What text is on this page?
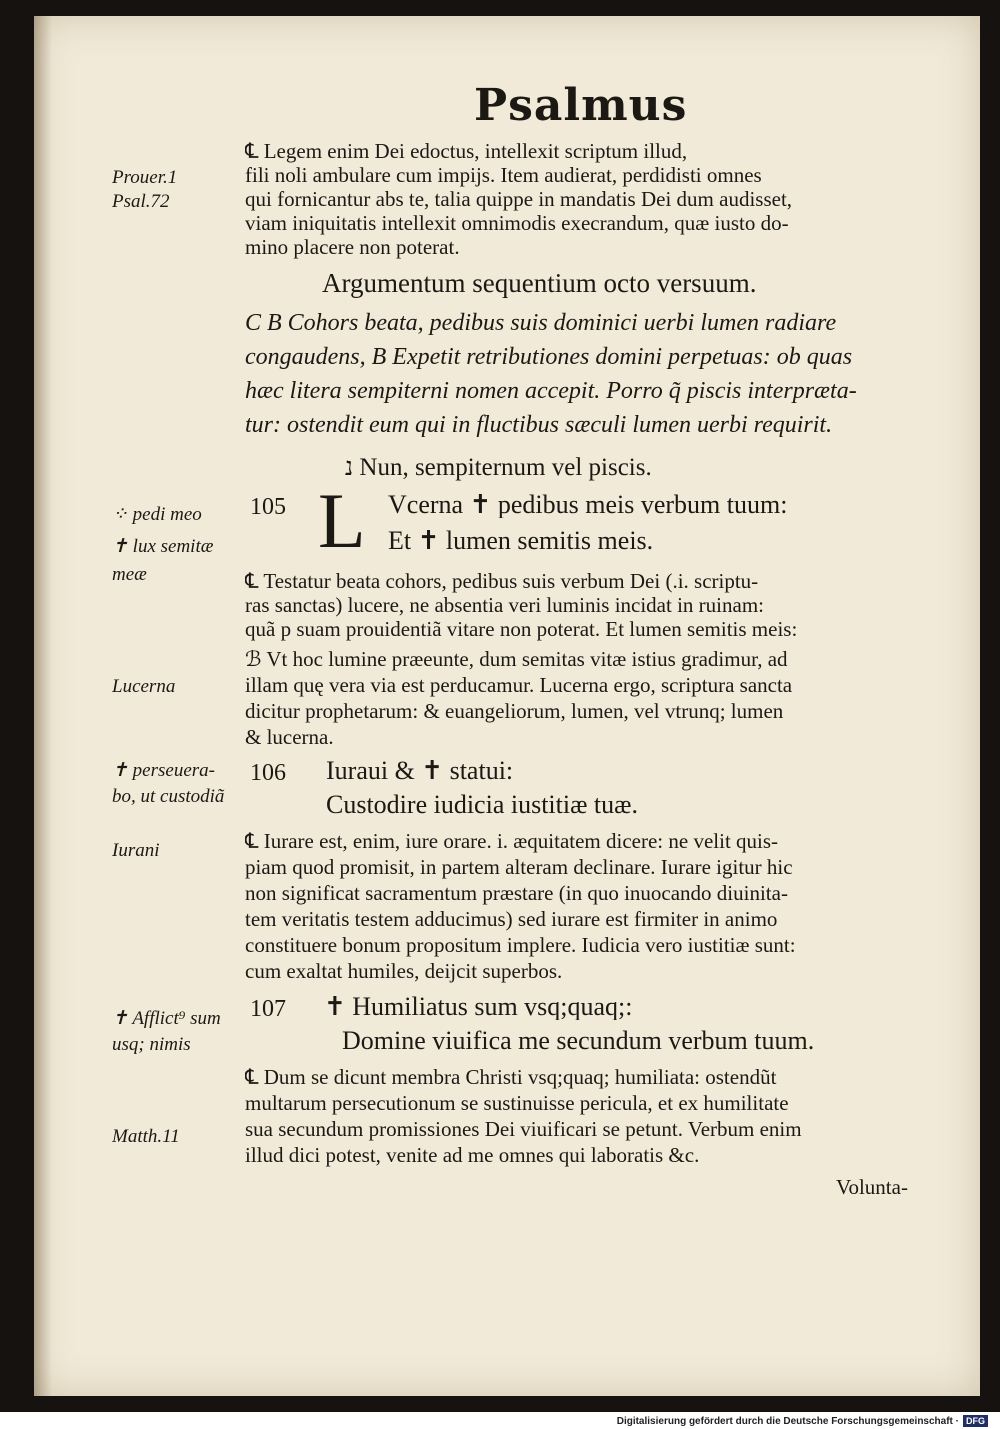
Psalmus
Prouer.1
Psal.72
⁘ pedi meo
✝ lux semitæ
meæ
Lucerna
✝ perseuera-
bo, ut custodiã
Iurani
✝ Afflict⁹ sum
usq; nimis
Matth.11
℄ Legem enim Dei edoctus, intellexit scriptum illud,
fili noli ambulare cum impijs. Item audierat, perdidisti omnes
qui fornicantur abs te, talia quippe in mandatis Dei dum audisset,
viam iniquitatis intellexit omnimodis execrandum, quæ iusto do-
mino placere non poterat.
Argumentum sequentium octo versuum.
C B Cohors beata, pedibus suis dominici uerbi lumen radiare
congaudens, B Expetit retributiones domini perpetuas: ob quas
hæc litera sempiterni nomen accepit. Porro q̃ piscis interpræta-
tur: ostendit eum qui in fluctibus sæculi lumen uerbi requirit.
נ Nun, sempiternum vel piscis.
105 L Vcerna ✝ pedibus meis verbum tuum:
Et ✝ lumen semitis meis.
℄ Testatur beata cohors, pedibus suis verbum Dei (.i. scriptu-
ras sanctas) lucere, ne absentia veri luminis incidat in ruinam:
quã p suam prouidentiã vitare non poterat. Et lumen semitis meis:
ℬ Vt hoc lumine præeunte, dum semitas vitæ istius gradimur, ad
illam quę vera via est perducamur. Lucerna ergo, scriptura sancta
dicitur prophetarum: & euangeliorum, lumen, vel vtrunq; lumen
& lucerna.
106 Iuraui & ✝ statui:
Custodire iudicia iustitiæ tuæ.
℄ Iurare est, enim, iure orare. i. æquitatem dicere: ne velit quis-
piam quod promisit, in partem alteram declinare. Iurare igitur hic
non significat sacramentum præstare (in quo inuocando diuinita-
tem veritatis testem adducimus) sed iurare est firmiter in animo
constituere bonum propositum implere. Iudicia vero iustitiæ sunt:
cum exaltat humiles, deijcit superbos.
107 ✝ Humiliatus sum vsq;quaq;:
Domine viuifica me secundum verbum tuum.
℄ Dum se dicunt membra Christi vsq;quaq; humiliata: ostendũt
multarum persecutionum se sustinuisse pericula, et ex humilitate
sua secundum promissiones Dei viuificari se petunt. Verbum enim
illud dici potest, venite ad me omnes qui laboratis &c.
Volunta-
Digitalisierung gefördert durch die Deutsche Forschungsgemeinschaft · DFG
